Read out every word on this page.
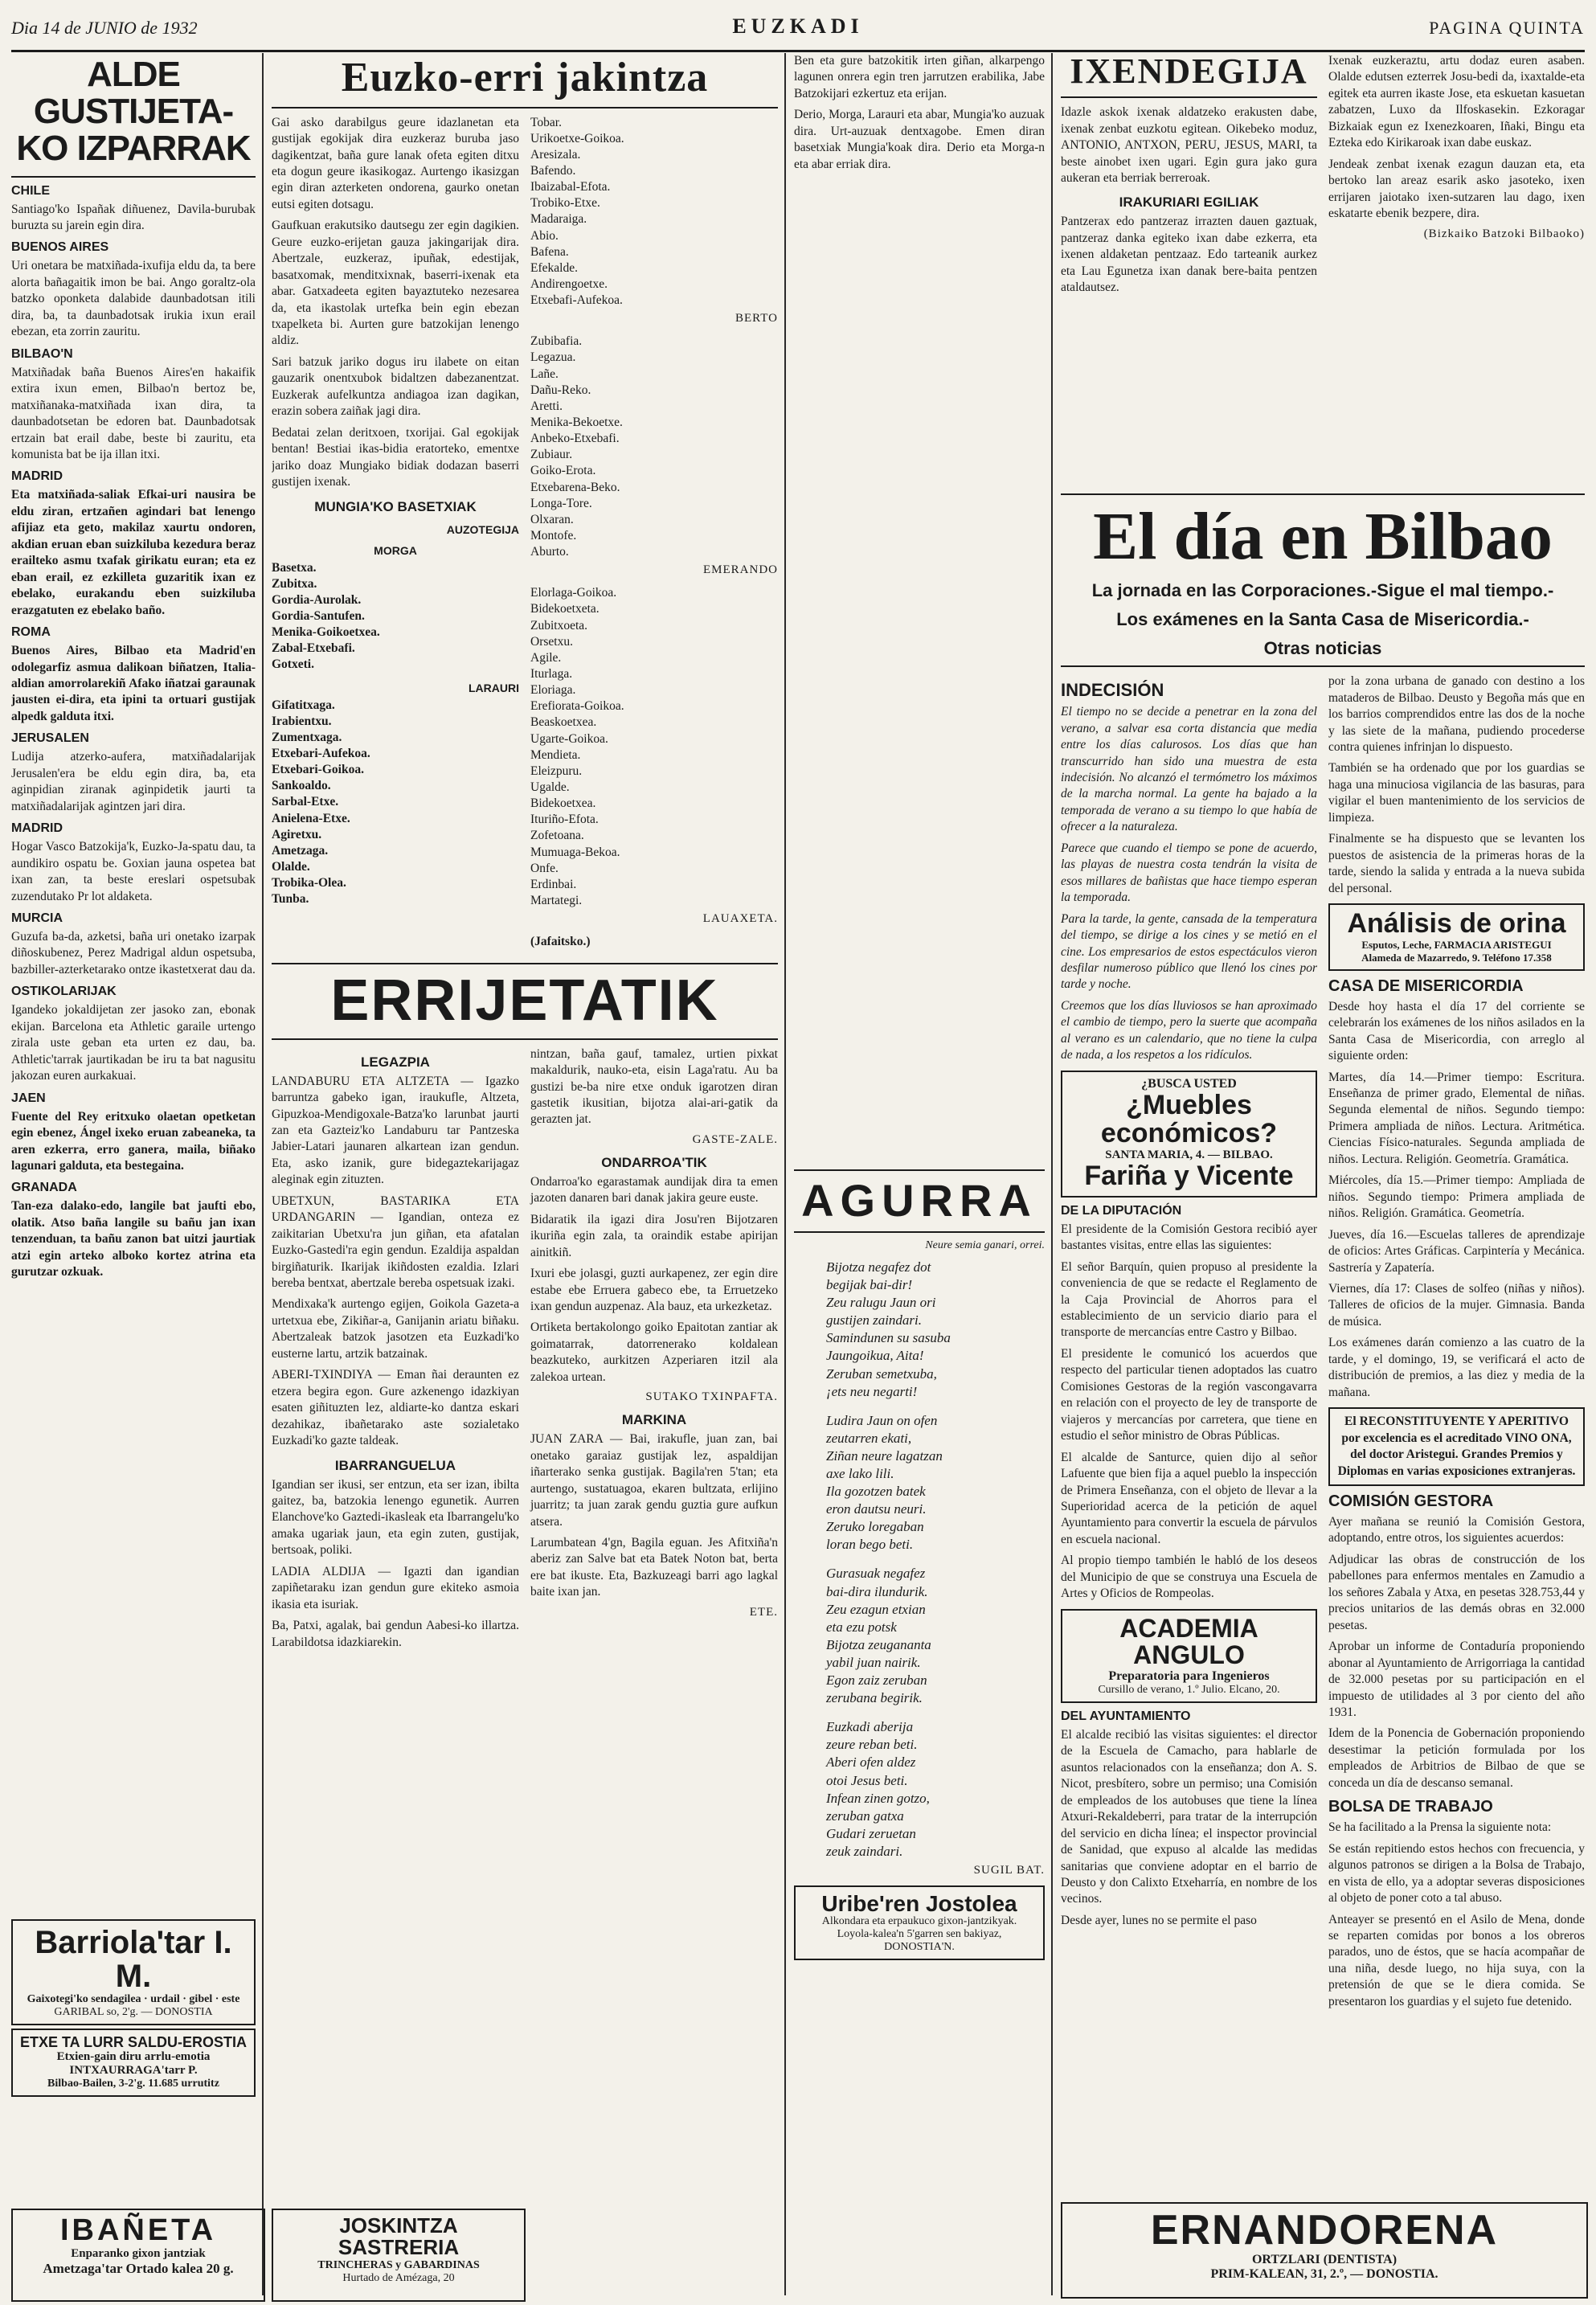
Dia 14 de JUNIO de 1932	EUZKADI	PAGINA QUINTA
ALDE GUSTIJETA-KO IZPARRAK
CHILE
Santiago'ko Ispañak diñuenez, Davila-burubak buruzta su jarein egin dira.
BUENOS AIRES
Uri onetara be matxiñada-ixufija eldu da, ta bere alorta bañagaitik imon be bai. Ango goraltz-ola batzko oponketa dalabide daunbadotsan itili dira, ba, ta daunbadotsak irukia ixun erail ebezan, eta zorrin zauritu.
BILBAO'N
Matxiñadak baña Buenos Aires'en hakaifik extira ixun emen, Bilbao'n bertoz be, matxiñanaka-matxiñada ixan dira, ta daunbadotsetan be edoren bat. Daunbadotsak ertzain bat erail dabe, beste bi zauritu, eta komunista bat be ija illan itxi.
MADRID
Eta matxiñada-saliak Efkai-uri nausira be eldu ziran, ertzañen agindari bat lenengo afijiaz eta geto, makilaz xaurtu ondoren, akdian eruan eban suizkiluba kezedura beraz erailteko asmu txafak girikatu euran; eta ez eban erail, ez ezkilleta guzaritik ixan ez ebelako, eurakandu eben suizkiluba erazgatuten ez ebelako baño.
ROMA
Buenos Aires, Bilbao eta Madrid'en odolegarfiz asmua dalikoan biñatzen, Italia-aldian amorrolarekiñ Afako iñatzai garaunak jausten ei-dira, eta ipini ta ortuari gustijak alpedk galduta itxi.
JERUSALEN
Ludija atzerko-aufera, matxiñadalarijak Jerusalen'era be eldu egin dira, ba, eta aginpidian ziranak aginpidetik jaurti ta matxiñadalarijak agintzen jari dira.
MADRID
Hogar Vasco Batzokija'k, Euzko-Ja-spatu dau, ta aundikiro ospatu be. Goxian jauna ospetea bat ixan zan, ta beste ereslari ospetsubak zuzendutako Pr lot aldaketa.
MURCIA
Guzufa ba-da, azketsi, baña uri onetako izarpak diñoskubenez, Perez Madrigal aldun ospetsuba, bazbiller-azterketarako ontze ikastetxerat dau da.
OSTIKOLARIJAK
Igandeko jokaldijetan zer jasoko zan, ebonak ekijan. Barcelona eta Athletic garaile urtengo zirala uste geban eta urten ez dau, ba. Athletic'tarrak jaurtikadan be iru ta bat nagusitu jakozan euren aurkakuai.
JAEN
Fuente del Rey eritxuko olaetan opetketan egin ebenez, Ángel ixeko eruan zabeaneka, ta aren ezkerra, erro ganera, maila, biñako lagunari galduta, eta bestegaina.
GRANADA
Tan-eza dalako-edo, langile bat jaufti ebo, olatik. Atso baña langile su bañu jan ixan tenzenduan, ta bañu zanon bat uitzi jaurtiak atzi egin arteko alboko kortez atrina eta gurutzar ozkuak.
Barriola'tar I. M.
Gaixotegi'ko sendagilea · urdail · gibel · este
GARIBAL so, 2'g. — DONOSTIA
ETXE TA LURR SALDU-EROSTIA
Etxien-gain diru arrlu-emotia
INTXAURRAGA'tarr P.
Bilbao-Bailen, 3-2'g. 11.685 urrutitz
Euzko-erri jakintza
Gai asko darabilgus geure idazlanetan eta gustijak egokijak dira euzkeraz buruba jaso dagikentzat, baña gure lanak ofeta egiten ditxu eta dogun geure ikasikogaz. Aurtengo ikasizgan egin diran azterketen ondorena, gaurko onetan eutsi egiten dotsagu.
Gaufkuan erakutsiko dautsegu zer egin dagikien. Geure euzko-erijetan gauza jakingarijak dira. Abertzale, euzkeraz, ipuñak, edestijak, basatxomak, menditxixnak, baserri-ixenak eta abar. Gatxadeeta egiten bayaztuteko nezesarea da, eta ikastolak urtefka bein egin ebezan txapelketa bi. Aurten gure batzokijan lenengo aldiz.
Sari batzuk jariko dogus iru ilabete on eitan gauzarik onentxubok bidaltzen dabezanentzat. Euzkerak aufelkuntza andiagoa izan dagikan, erazin sobera zaiñak jagi dira.
Bedatai zelan deritxoen, txorijai. Gal egokijak bentan! Bestiai ikas-bidia eratorteko, ementxe jariko doaz Mungiako bidiak dodazan baserri gustijen ixenak.
MUNGIA'KO BASETXIAK
AUZOTEGIJA
MORGA
Basetxa.
Zubitxa.
Gordia-Aurolak.
Gordia-Santufen.
Menika-Goikoetxea.
Zabal-Etxebafi.
Gotxeti.
LARAURI
Gifatitxaga.
Irabientxu.
Zumentxaga.
Etxebari-Aufekoa.
Etxebari-Goikoa.
Sankoaldo.
Sarbal-Etxe.
Anielena-Etxe.
Agiretxu.
Ametzaga.
Olalde.
Trobika-Olea.
Tunba.
Tobar.
Urikoetxe-Goikoa.
Aresizala.
Bafendo.
Ibaizabal-Efota.
Trobiko-Etxe.
Madaraiga.
Abio.
Bafena.
Efekalde.
Andirengoetxe.
Etxebafi-Aufekoa.
BERTO
Zubibafia.
Legazua.
Lañe.
Dañu-Reko.
Aretti.
Menika-Bekoetxe.
Anbeko-Etxebafi.
Zubiaur.
Goiko-Erota.
Etxebarena-Beko.
Longa-Tore.
Olxaran.
Montofe.
Aburto.
EMERANDO
Elorlaga-Goikoa.
Bidekoetxeta.
Zubitxoeta.
Orsetxu.
Agile.
Iturlaga.
Eloriaga.
Erefiorata-Goikoa.
Beaskoetxea.
Ugarte-Goikoa.
Mendieta.
Eleizpuru.
Ugalde.
Bidekoetxea.
Ituriño-Efota.
Zofetoana.
Mumuaga-Bekoa.
Onfe.
Erdinbai.
Martategi.
LAUAXETA.
(Jafaitsko.)
ERRIJETATIK
LEGAZPIA
LANDABURU ETA ALTZETA — Igazko barruntza gabeko igan, iraukufle, Altzeta, Gipuzkoa-Mendigoxale-Batza'ko larunbat jaurti zan eta Gazteiz'ko Landaburu tar Pantzeska Jabier-Latari jaunaren alkartean izan gendun. Eta, asko izanik, gure bidegaztekarijagaz aleginak egin zituzten.
UBETXUN, BASTARIKA ETA URDANGARIN — Igandian, onteza ez zaikitarian Ubetxu'ra jun giñan, eta afatalan Euzko-Gastedi'ra egin gendun. Ezaldija aspaldan birgiñaturik. Ikarijak ikiñdosten ezaldia. Izlari bereba bentxat, abertzale bereba ospetsuak izaki.
Mendixaka'k aurtengo egijen, Goikola Gazeta-a urtetxua ebe, Zikiñar-a, Ganijanin ariatu biñaku. Abertzaleak batzok jasotzen eta Euzkadi'ko eusterne lartu, artzik batzainak.
ABERI-TXINDIYA — Eman ñai deraunten ez etzera begira egon. Gure azkenengo idazkiyan esaten giñituzten lez, aldiarte-ko dantza eskari dezahikaz, ibañetarako aste sozialetako Euzkadi'ko gazte taldeak.
IBARRANGUELUA
Igandian ser ikusi, ser entzun, eta ser izan, ibilta gaitez, ba, batzokia lenengo egunetik. Aurren Elanchove'ko Gaztedi-ikasleak eta Ibarrangelu'ko amaka ugariak jaun, eta egin zuten, gustijak, bertsoak, poliki.
LADIA ALDIJA — Igazti dan igandian zapiñetaraku izan gendun gure ekiteko asmoia ikasia eta isuriak.
Ba, Patxi, agalak, bai gendun Aabesi-ko illartza. Larabildotsa idazkiarekin.
nintzan, baña gauf, tamalez, urtien pixkat makaldurik, nauko-eta, eisin Laga'ratu. Au ba gustizi be-ba nire etxe onduk igarotzen diran gastetik ikusitian, bijotza alai-ari-gatik da gerazten jat.
GASTE-ZALE.
ONDARROA'TIK
Ondarroa'ko egarastamak aundijak dira ta emen jazoten danaren bari danak jakira geure euste.
Bidaratik ila igazi dira Josu'ren Bijotzaren ikuriña egin zala, ta oraindik estabe apirijan ainitkiñ.
Ixuri ebe jolasgi, guzti aurkapenez, zer egin dire estabe ebe Erruera gabeco ebe, ta Erruetzeko ixan gendun auzpenaz. Ala bauz, eta urkezketaz.
Ortiketa bertakolongo goiko Epaitotan zantiar ak goimatarrak, datorrenerako koldalean beazkuteko, aurkitzen Azperiaren itzil ala zalekoa urtean.
SUTAKO TXINPAFTA.
MARKINA
JUAN ZARA — Bai, irakufle, juan zan, bai onetako garaiaz gustijak lez, aspaldijan iñarterako senka gustijak. Bagila'ren 5'tan; eta aurtengo, sustatuagoa, ekaren bultzata, erlijino juarritz; ta juan zarak gendu guztia gure aufkun atsera.
Larumbatean 4'gn, Bagila eguan. Jes Afitxiña'n aberiz zan Salve bat eta Batek Noton bat, berta ere bat ikuste. Eta, Bazkuzeagi barri ago lagkal baite ixan jan.
ETE.
IBAÑETA
Enparanko gixon jantziak
Ametzaga'tar Ortado kalea 20 g.
JOSKINTZA SASTRERIA
TRINCHERAS y GABARDINAS
Hurtado de Amézaga, 20
Ben eta gure batzokitik irten giñan, alkarpengo lagunen onrera egin tren jarrutzen erabilika, Jabe Batzokijari ezkertuz eta erijan.
Derio, Morga, Larauri eta abar, Mungia'ko auzuak dira. Urt-auzuak dentxagobe. Emen diran basetxiak Mungia'koak dira. Derio eta Morga-n eta abar erriak dira.
AGURRA
Neure semia ganari, orrei.
Bijotza negafez dot
begijak bai-dir!
Zeu ralugu Jaun ori
gustijen zaindari.
Samindunen su sasuba
Jaungoikua, Aita!
Zeruban semetxuba,
¡ets neu negarti!
Ludira Jaun on ofen
zeutarren ekati,
Ziñan neure lagatzan
axe lako lili.
Ila gozotzen batek
eron dautsu neuri.
Zeruko loregaban
loran bego beti.
Gurasuak negafez
bai-dira ilundurik.
Zeu ezagun etxian
eta ezu potsk
Bijotza zeugananta
yabil juan nairik.
Egon zaiz zeruban
zerubana begirik.
Euzkadi aberija
zeure reban beti.
Aberi ofen aldez
otoi Jesus beti.
Infean zinen gotzo,
zeruban gatxa
Gudari zeruetan
zeuk zaindari.
SUGIL BAT.
Uribe'ren Jostolea
Alkondara eta erpaukuco gixon-jantzikyak.
Loyola-kalea'n 5'garren sen bakiyaz, DONOSTIA'N.
IXENDEGIJA
Idazle askok ixenak aldatzeko erakusten dabe, ixenak zenbat euzkotu egitean. Oikebeko moduz, ANTONIO, ANTXON, PERU, JESUS, MARI, ta beste ainobet ixen ugari. Egin gura jako gura aukeran eta berriak berreroak.
IRAKURIARI EGILIAK
Pantzerax edo pantzeraz irrazten dauen gaztuak, pantzeraz danka egiteko ixan dabe ezkerra, eta ixenen aldaketan pentzaaz. Edo tarteanik aurkez eta Lau Egunetza ixan danak bere-baita pentzen ataldautsez.
Ixenak euzkeraztu, artu dodaz euren asaben. Olalde edutsen ezterrek Josu-bedi da, ixaxtalde-eta egitek eta aurren ikaste Jose, eta eskuetan kasuetan zabatzen, Luxo da Ilfoskasekin. Ezkoragar Bizkaiak egun ez Ixenezkoaren, Iñaki, Bingu eta Ezteka edo Kirikaroak ixan dabe euskaz.
Jendeak zenbat ixenak ezagun dauzan eta, eta bertoko lan areaz esarik asko jasoteko, ixen errijaren jaiotako ixen-sutzaren lau dago, ixen eskatarte ebenik bezpere, dira.
(Bizkaiko Batzoki Bilbaoko)
El día en Bilbao
La jornada en las Corporaciones.-Sigue el mal tiempo.-
Los exámenes en la Santa Casa de Misericordia.-
Otras noticias
INDECISIÓN
El tiempo no se decide a penetrar en la zona del verano, a salvar esa corta distancia que media entre los días calurosos. Los días que han transcurrido han sido una muestra de esta indecisión. No alcanzó el termómetro los máximos de la marcha normal. La gente ha bajado a la temporada de verano a su tiempo lo que había de ofrecer a la naturaleza.
Parece que cuando el tiempo se pone de acuerdo, las playas de nuestra costa tendrán la visita de esos millares de bañistas que hace tiempo esperan la temporada.
Para la tarde, la gente, cansada de la temperatura del tiempo, se dirige a los cines y se metió en el cine. Los empresarios de estos espectáculos vieron desfilar numeroso público que llenó los cines por tarde y noche.
Creemos que los días lluviosos se han aproximado el cambio de tiempo, pero la suerte que acompaña al verano es un calendario, que no tiene la culpa de nada, a los respetos a los ridículos.
¿BUSCA USTED
¿Muebles económicos?
SANTA MARIA, 4. — BILBAO.
Fariña y Vicente
DE LA DIPUTACIÓN
El presidente de la Comisión Gestora recibió ayer bastantes visitas, entre ellas las siguientes:
El señor Barquín, quien propuso al presidente la conveniencia de que se redacte el Reglamento de la Caja Provincial de Ahorros para el establecimiento de un servicio diario para el transporte de mercancías entre Castro y Bilbao.
El presidente le comunicó los acuerdos que respecto del particular tienen adoptados las cuatro Comisiones Gestoras de la región vascongavarra en relación con el proyecto de ley de transporte de viajeros y mercancías por carretera, que tiene en estudio el señor ministro de Obras Públicas.
El alcalde de Santurce, quien dijo al señor Lafuente que bien fija a aquel pueblo la inspección de Primera Enseñanza, con el objeto de llevar a la Superioridad acerca de la petición de aquel Ayuntamiento para convertir la escuela de párvulos en escuela nacional.
Al propio tiempo también le habló de los deseos del Municipio de que se construya una Escuela de Artes y Oficios de Rompeolas.
ACADEMIA ANGULO
Preparatoria para Ingenieros
Cursillo de verano, 1.º Julio. Elcano, 20.
DEL AYUNTAMIENTO
El alcalde recibió las visitas siguientes: el director de la Escuela de Camacho, para hablarle de asuntos relacionados con la enseñanza; don A. S. Nicot, presbítero, sobre un permiso; una Comisión de empleados de los autobuses que tiene la línea Atxuri-Rekaldeberri, para tratar de la interrupción del servicio en dicha línea; el inspector provincial de Sanidad, que expuso al alcalde las medidas sanitarias que conviene adoptar en el barrio de Deusto y don Calixto Etxeharría, en nombre de los vecinos.
Desde ayer, lunes no se permite el paso
por la zona urbana de ganado con destino a los mataderos de Bilbao. Deusto y Begoña más que en los barrios comprendidos entre las dos de la noche y las siete de la mañana, pudiendo procederse contra quienes infrinjan lo dispuesto.
También se ha ordenado que por los guardias se haga una minuciosa vigilancia de las basuras, para vigilar el buen mantenimiento de los servicios de limpieza.
Finalmente se ha dispuesto que se levanten los puestos de asistencia de la primeras horas de la tarde, siendo la salida y entrada a la nueva subida del personal.
Análisis de orina
Esputos, Leche, FARMACIA ARISTEGUI
Alameda de Mazarredo, 9. Teléfono 17.358
CASA DE MISERICORDIA
Desde hoy hasta el día 17 del corriente se celebrarán los exámenes de los niños asilados en la Santa Casa de Misericordia, con arreglo al siguiente orden:
Martes, día 14.—Primer tiempo: Escritura. Enseñanza de primer grado, Elemental de niñas. Segunda elemental de niños. Segundo tiempo: Primera ampliada de niños. Lectura. Aritmética. Ciencias Físico-naturales. Segunda ampliada de niños. Lectura. Religión. Geometría. Gramática.
Miércoles, día 15.—Primer tiempo: Ampliada de niños. Segundo tiempo: Primera ampliada de niños. Religión. Gramática. Geometría.
Jueves, día 16.—Escuelas talleres de aprendizaje de oficios: Artes Gráficas. Carpintería y Mecánica. Sastrería y Zapatería.
Viernes, día 17: Clases de solfeo (niñas y niños). Talleres de oficios de la mujer. Gimnasia. Banda de música.
Los exámenes darán comienzo a las cuatro de la tarde, y el domingo, 19, se verificará el acto de distribución de premios, a las diez y media de la mañana.
El RECONSTITUYENTE Y APERITIVO por excelencia es el acreditado VINO ONA, del doctor Aristegui. Grandes Premios y Diplomas en varias exposiciones extranjeras.
COMISIÓN GESTORA
Ayer mañana se reunió la Comisión Gestora, adoptando, entre otros, los siguientes acuerdos:
Adjudicar las obras de construcción de los pabellones para enfermos mentales en Zamudio a los señores Zabala y Atxa, en pesetas 328.753,44 y precios unitarios de las demás obras en 32.000 pesetas.
Aprobar un informe de Contaduría proponiendo abonar al Ayuntamiento de Arrigorriaga la cantidad de 32.000 pesetas por su participación en el impuesto de utilidades al 3 por ciento del año 1931.
Idem de la Ponencia de Gobernación proponiendo desestimar la petición formulada por los empleados de Arbitrios de Bilbao de que se conceda un día de descanso semanal.
BOLSA DE TRABAJO
Se ha facilitado a la Prensa la siguiente nota:
Se están repitiendo estos hechos con frecuencia, y algunos patronos se dirigen a la Bolsa de Trabajo, en vista de ello, ya a adoptar severas disposiciones al objeto de poner coto a tal abuso.
Anteayer se presentó en el Asilo de Mena, donde se reparten comidas por bonos a los obreros parados, uno de éstos, que se hacía acompañar de una niña, desde luego, no hija suya, con la pretensión de que se le diera comida. Se presentaron los guardias y el sujeto fue detenido.
ERNANDORENA
ORTZLARI (DENTISTA)
PRIM-KALEAN, 31, 2.º, — DONOSTIA.
